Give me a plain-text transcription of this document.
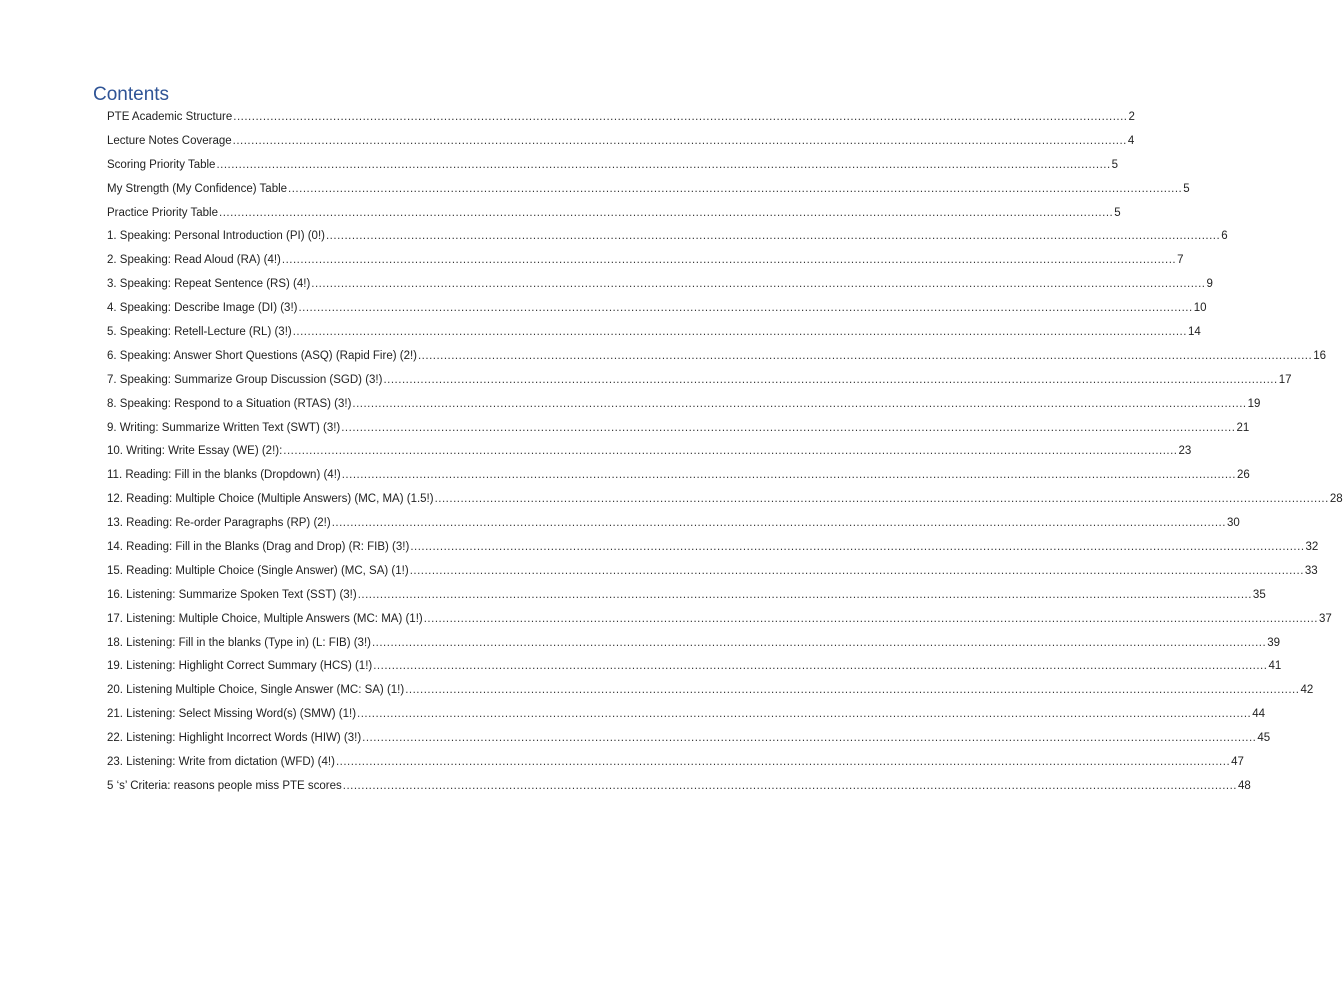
Contents
PTE Academic Structure .....	2
Lecture Notes Coverage .....	4
Scoring Priority Table .....	5
My Strength (My Confidence) Table .....	5
Practice Priority Table .....	5
1. Speaking: Personal Introduction (PI) (0!) .....	6
2. Speaking: Read Aloud (RA) (4!) .....	7
3. Speaking: Repeat Sentence (RS) (4!) .....	9
4. Speaking: Describe Image (DI) (3!) .....	10
5. Speaking: Retell-Lecture (RL) (3!) .....	14
6. Speaking: Answer Short Questions (ASQ) (Rapid Fire) (2!) .....	16
7. Speaking: Summarize Group Discussion (SGD) (3!) .....	17
8. Speaking: Respond to a Situation (RTAS) (3!) .....	19
9. Writing: Summarize Written Text (SWT) (3!) .....	21
10. Writing: Write Essay (WE) (2!): .....	23
11. Reading: Fill in the blanks (Dropdown) (4!) .....	26
12. Reading: Multiple Choice (Multiple Answers) (MC, MA) (1.5!) .....	28
13. Reading: Re-order Paragraphs (RP) (2!) .....	30
14. Reading: Fill in the Blanks (Drag and Drop) (R: FIB) (3!) .....	32
15. Reading: Multiple Choice (Single Answer) (MC, SA) (1!) .....	33
16. Listening: Summarize Spoken Text (SST) (3!) .....	35
17. Listening: Multiple Choice, Multiple Answers (MC: MA) (1!) .....	37
18. Listening: Fill in the blanks (Type in) (L: FIB) (3!) .....	39
19. Listening: Highlight Correct Summary (HCS) (1!) .....	41
20. Listening Multiple Choice, Single Answer (MC: SA) (1!) .....	42
21. Listening: Select Missing Word(s) (SMW) (1!) .....	44
22. Listening: Highlight Incorrect Words (HIW) (3!) .....	45
23. Listening: Write from dictation (WFD) (4!) .....	47
5 ‘s’ Criteria: reasons people miss PTE scores .....	48
